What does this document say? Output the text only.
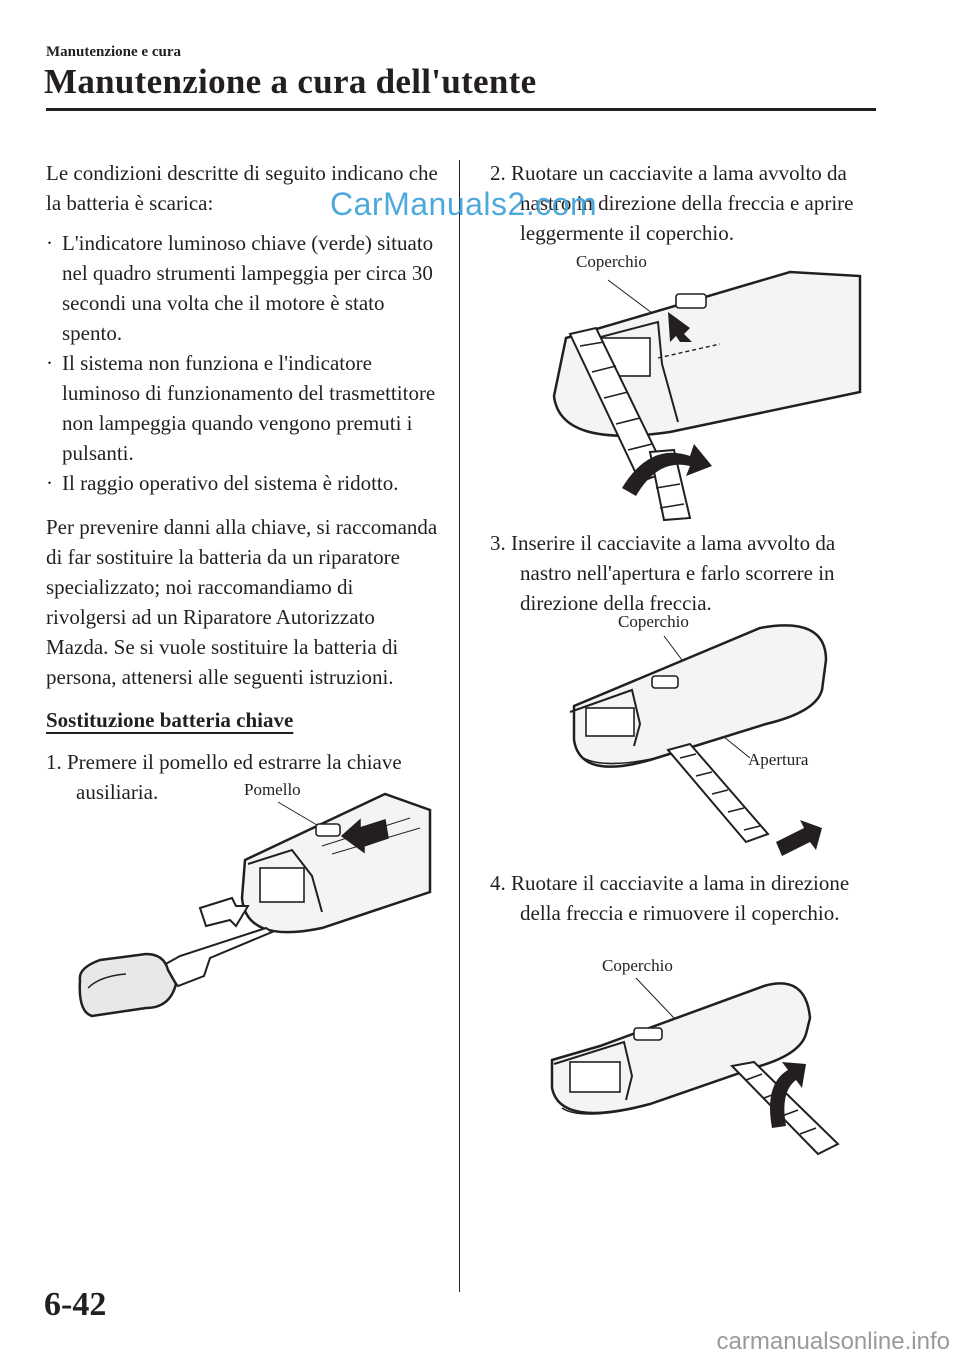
Manutenzione e cura
Manutenzione a cura dell'utente

Le condizioni descritte di seguito indicano che la batteria è scarica:

· L'indicatore luminoso chiave (verde) situato nel quadro strumenti lampeggia per circa 30 secondi una volta che il motore è stato spento.
· Il sistema non funziona e l'indicatore luminoso di funzionamento del trasmettitore non lampeggia quando vengono premuti i pulsanti.
· Il raggio operativo del sistema è ridotto.

Per prevenire danni alla chiave, si raccomanda di far sostituire la batteria da un riparatore specializzato; noi raccomandiamo di rivolgersi ad un Riparatore Autorizzato Mazda. Se si vuole sostituire la batteria di persona, attenersi alle seguenti istruzioni.

Sostituzione batteria chiave
1. Premere il pomello ed estrarre la chiave ausiliaria.	Pomello
2. Ruotare un cacciavite a lama avvolto da nastro in direzione della freccia e aprire leggermente il coperchio.
Coperchio
3. Inserire il cacciavite a lama avvolto da nastro nell'apertura e farlo scorrere in direzione della freccia.
Coperchio
Apertura
4. Ruotare il cacciavite a lama in direzione della freccia e rimuovere il coperchio.
Coperchio
CarManuals2.com
6-42
carmanualsonline.info
